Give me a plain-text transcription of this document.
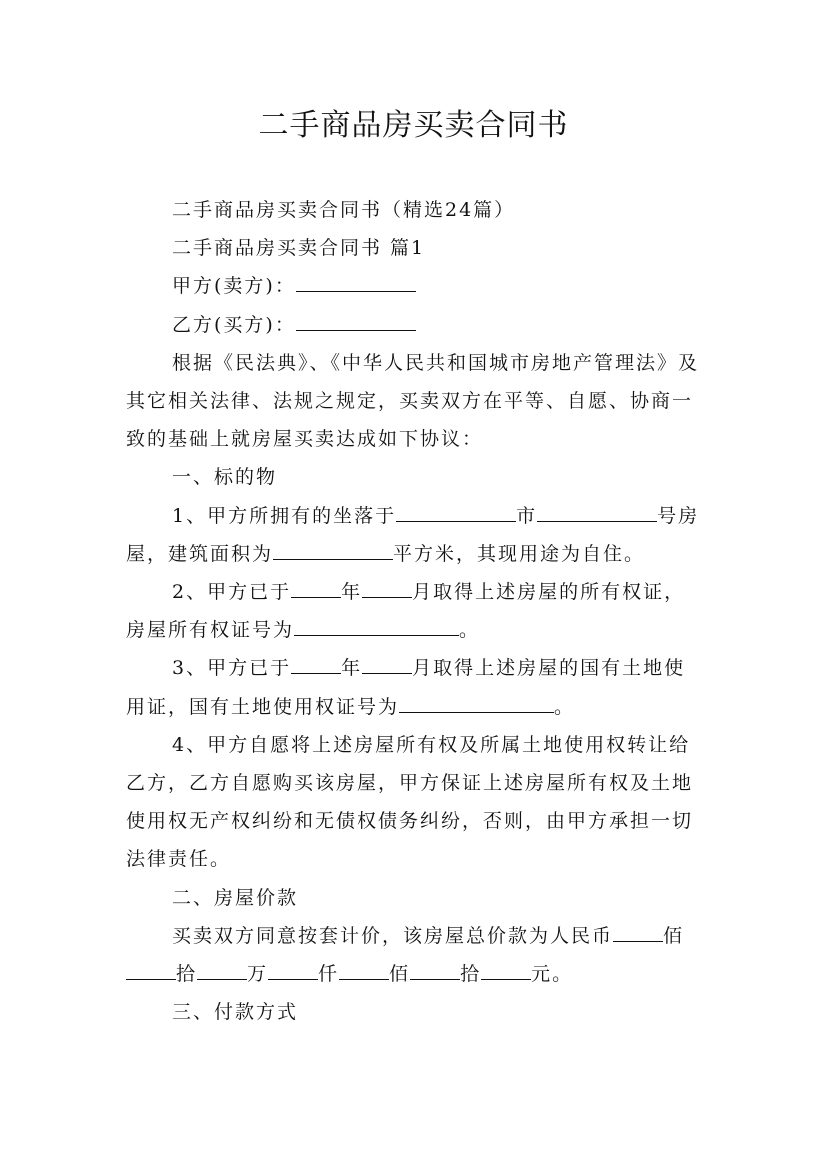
二手商品房买卖合同书

二手商品房买卖合同书（精选24篇）

二手商品房买卖合同书 篇1

甲方(卖方)：

乙方(买方)：

根据《民法典》、《中华人民共和国城市房地产管理法》及其它相关法律、法规之规定，买卖双方在平等、自愿、协商一致的基础上就房屋买卖达成如下协议：

一、标的物

1、甲方所拥有的坐落于	市	号房屋，建筑面积为	平方米，其现用途为自住。

2、甲方已于	年	月取得上述房屋的所有权证，房屋所有权证号为	。

3、甲方已于	年	月取得上述房屋的国有土地使用证，国有土地使用权证号为	。

4、甲方自愿将上述房屋所有权及所属土地使用权转让给乙方，乙方自愿购买该房屋，甲方保证上述房屋所有权及土地使用权无产权纠纷和无债权债务纠纷，否则，由甲方承担一切法律责任。

二、房屋价款

买卖双方同意按套计价，该房屋总价款为人民币	佰拾	万	仟	佰	拾	元。

三、付款方式
